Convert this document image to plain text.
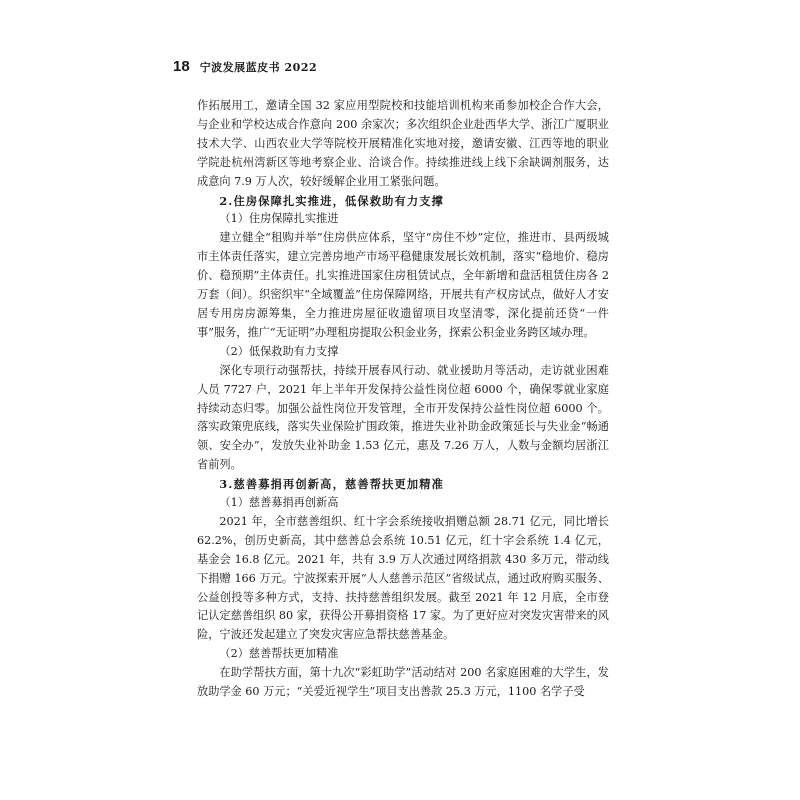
18 宁波发展蓝皮书 2022

作拓展用工，邀请全国 32 家应用型院校和技能培训机构来甬参加校企合作大会，与企业和学校达成合作意向 200 余家次；多次组织企业赴西华大学、浙江广厦职业技术大学、山西农业大学等院校开展精准化实地对接，邀请安徽、江西等地的职业学院赴杭州湾新区等地考察企业、洽谈合作。持续推进线上线下余缺调剂服务，达成意向 7.9 万人次，较好缓解企业用工紧张问题。

2.住房保障扎实推进，低保救助有力支撑

（1）住房保障扎实推进

建立健全“租购并举”住房供应体系，坚守“房住不炒”定位，推进市、县两级城市主体责任落实，建立完善房地产市场平稳健康发展长效机制，落实“稳地价、稳房价、稳预期”主体责任。扎实推进国家住房租赁试点，全年新增和盘活租赁住房各 2 万套（间）。织密织牢“全域覆盖”住房保障网络，开展共有产权房试点，做好人才安居专用房房源筹集，全力推进房屋征收遗留项目攻坚清零，深化提前还贷“一件事”服务，推广“无证明”办理租房提取公积金业务，探索公积金业务跨区域办理。

（2）低保救助有力支撑

深化专项行动强帮扶，持续开展春风行动、就业援助月等活动，走访就业困难人员 7727 户，2021 年上半年开发保持公益性岗位超 6000 个，确保零就业家庭持续动态归零。加强公益性岗位开发管理，全市开发保持公益性岗位超 6000 个。落实政策兜底线，落实失业保险扩围政策，推进失业补助金政策延长与失业金“畅通领、安全办”，发放失业补助金 1.53 亿元，惠及 7.26 万人，人数与金额均居浙江省前列。

3.慈善募捐再创新高，慈善帮扶更加精准

（1）慈善募捐再创新高

2021 年，全市慈善组织、红十字会系统接收捐赠总额 28.71 亿元，同比增长 62.2%，创历史新高，其中慈善总会系统 10.51 亿元，红十字会系统 1.4 亿元，基金会 16.8 亿元。2021 年，共有 3.9 万人次通过网络捐款 430 多万元，带动线下捐赠 166 万元。宁波探索开展“人人慈善示范区”省级试点，通过政府购买服务、公益创投等多种方式，支持、扶持慈善组织发展。截至 2021 年 12 月底，全市登记认定慈善组织 80 家，获得公开募捐资格 17 家。为了更好应对突发灾害带来的风险，宁波还发起建立了突发灾害应急帮扶慈善基金。

（2）慈善帮扶更加精准

在助学帮扶方面，第十九次“彩虹助学”活动结对 200 名家庭困难的大学生，发放助学金 60 万元；“关爱近视学生”项目支出善款 25.3 万元，1100 名学子受
